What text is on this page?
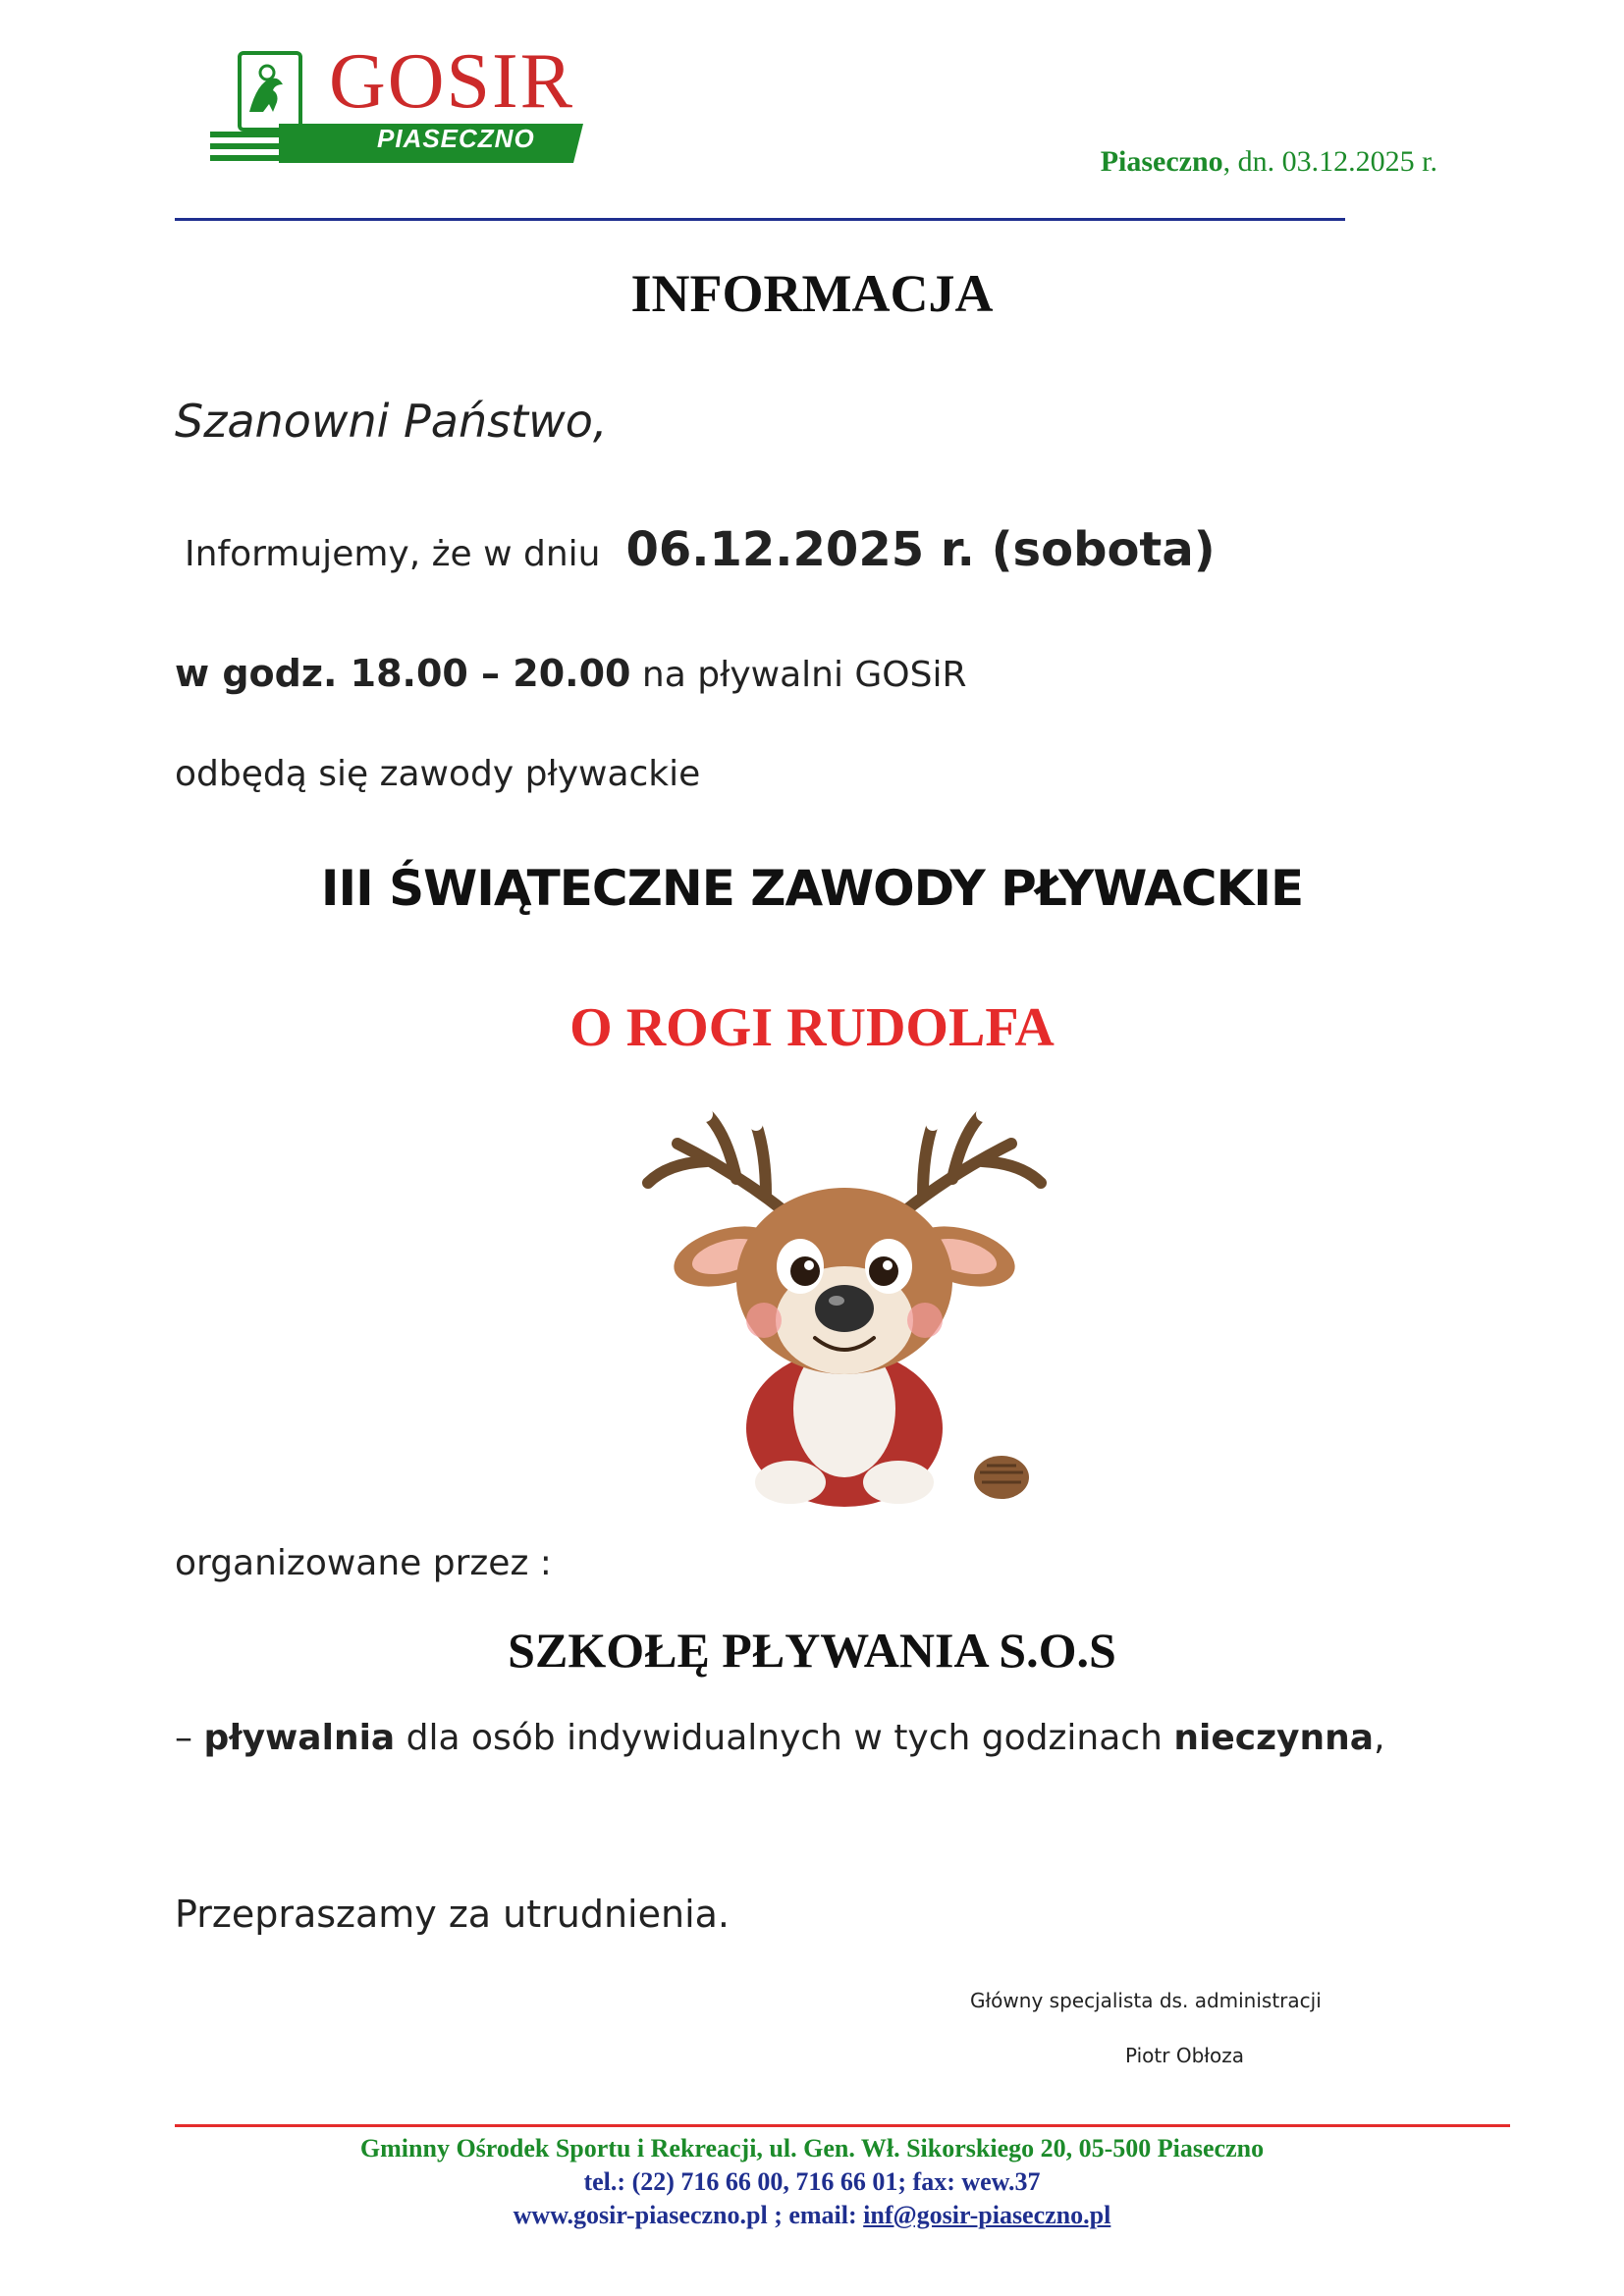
GOSIR
PIASECZNO
Piaseczno, dn. 03.12.2025 r.
INFORMACJA
Szanowni Państwo,
Informujemy, że w dniu 06.12.2025 r. (sobota)
w godz. 18.00 – 20.00 na pływalni GOSiR
odbędą się zawody pływackie
III ŚWIĄTECZNE ZAWODY PŁYWACKIE
O ROGI RUDOLFA
organizowane przez :
SZKOŁĘ PŁYWANIA S.O.S
– pływalnia dla osób indywidualnych w tych godzinach nieczynna,
Przepraszamy za utrudnienia.
Główny specjalista ds. administracji
Piotr Obłoza
Gminny Ośrodek Sportu i Rekreacji, ul. Gen. Wł. Sikorskiego 20, 05-500 Piaseczno
tel.: (22) 716 66 00, 716 66 01; fax: wew.37
www.gosir-piaseczno.pl ; email: inf@gosir-piaseczno.pl
